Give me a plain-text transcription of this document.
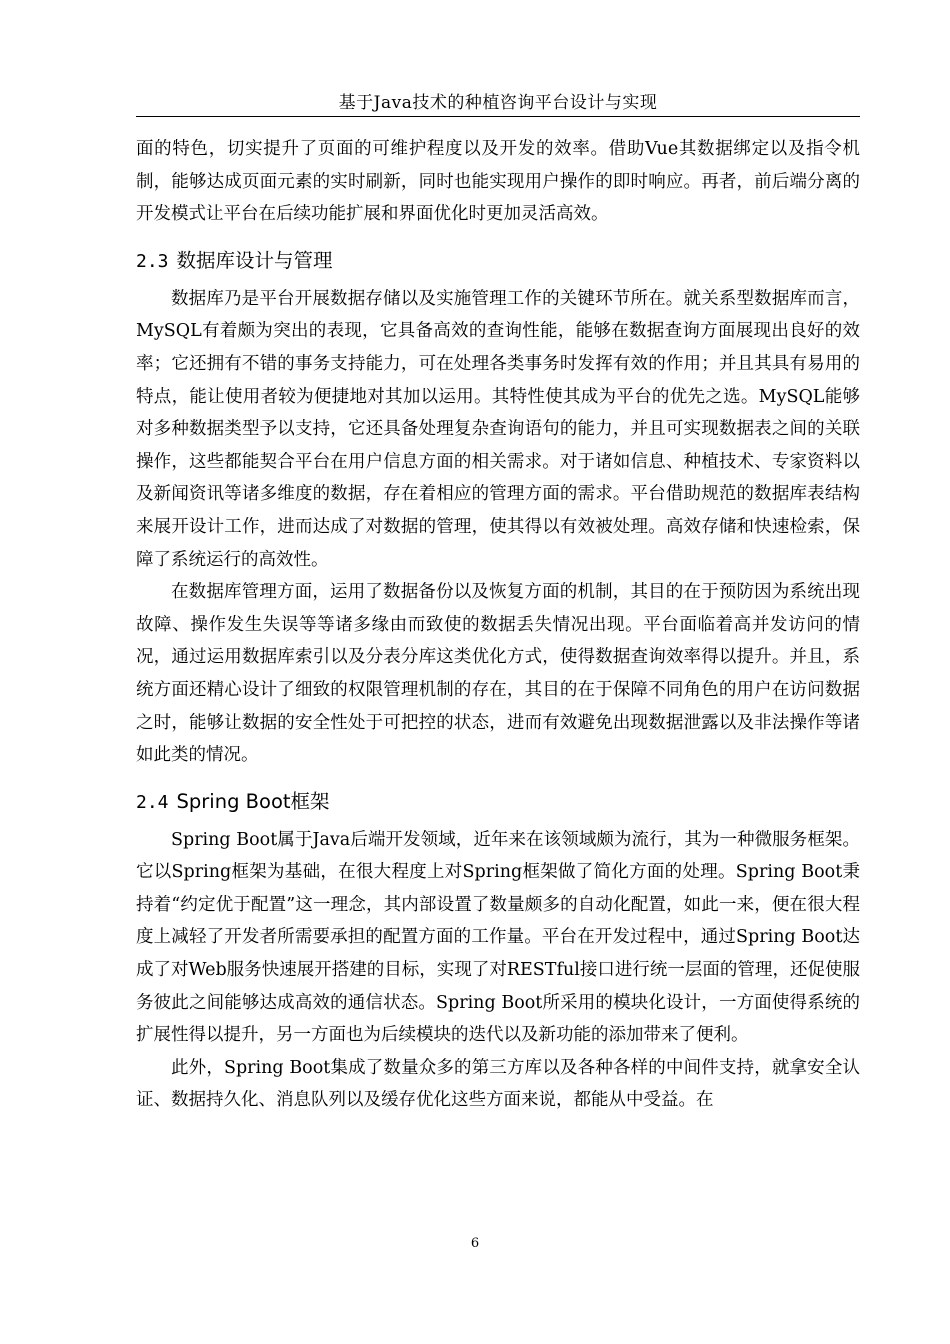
基于Java技术的种植咨询平台设计与实现

面的特色，切实提升了页面的可维护程度以及开发的效率。借助Vue其数据绑定以及指令机制，能够达成页面元素的实时刷新，同时也能实现用户操作的即时响应。再者，前后端分离的开发模式让平台在后续功能扩展和界面优化时更加灵活高效。

2.3 数据库设计与管理

数据库乃是平台开展数据存储以及实施管理工作的关键环节所在。就关系型数据库而言，MySQL有着颇为突出的表现，它具备高效的查询性能，能够在数据查询方面展现出良好的效率；它还拥有不错的事务支持能力，可在处理各类事务时发挥有效的作用；并且其具有易用的特点，能让使用者较为便捷地对其加以运用。其特性使其成为平台的优先之选。MySQL能够对多种数据类型予以支持，它还具备处理复杂查询语句的能力，并且可实现数据表之间的关联操作，这些都能契合平台在用户信息方面的相关需求。对于诸如信息、种植技术、专家资料以及新闻资讯等诸多维度的数据，存在着相应的管理方面的需求。平台借助规范的数据库表结构来展开设计工作，进而达成了对数据的管理，使其得以有效被处理。高效存储和快速检索，保障了系统运行的高效性。

在数据库管理方面，运用了数据备份以及恢复方面的机制，其目的在于预防因为系统出现故障、操作发生失误等等诸多缘由而致使的数据丢失情况出现。平台面临着高并发访问的情况，通过运用数据库索引以及分表分库这类优化方式，使得数据查询效率得以提升。并且，系统方面还精心设计了细致的权限管理机制的存在，其目的在于保障不同角色的用户在访问数据之时，能够让数据的安全性处于可把控的状态，进而有效避免出现数据泄露以及非法操作等诸如此类的情况。

2.4 Spring Boot框架

Spring Boot属于Java后端开发领域，近年来在该领域颇为流行，其为一种微服务框架。它以Spring框架为基础，在很大程度上对Spring框架做了简化方面的处理。Spring Boot秉持着“约定优于配置”这一理念，其内部设置了数量颇多的自动化配置，如此一来，便在很大程度上减轻了开发者所需要承担的配置方面的工作量。平台在开发过程中，通过Spring Boot达成了对Web服务快速展开搭建的目标，实现了对RESTful接口进行统一层面的管理，还促使服务彼此之间能够达成高效的通信状态。Spring Boot所采用的模块化设计，一方面使得系统的扩展性得以提升，另一方面也为后续模块的迭代以及新功能的添加带来了便利。

此外，Spring Boot集成了数量众多的第三方库以及各种各样的中间件支持，就拿安全认证、数据持久化、消息队列以及缓存优化这些方面来说，都能从中受益。在

6
